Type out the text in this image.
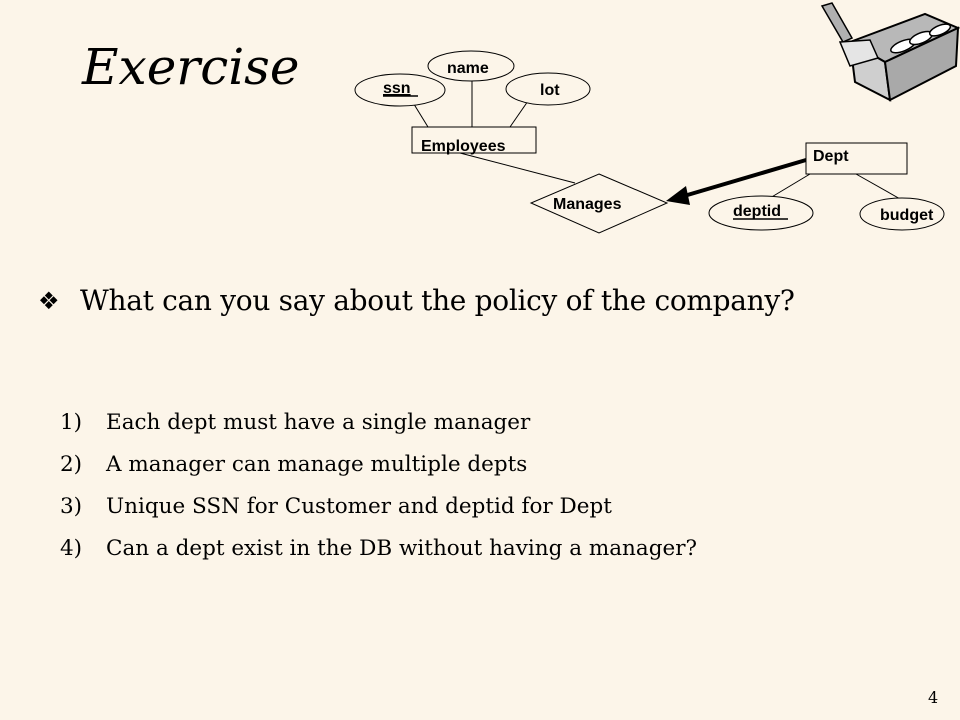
Exercise	ssn
name
lot
deptid	budget
Employees
Dept
Manages
❖ What can you say about the policy of the company?
1)	Each dept must have a single manager
2)	A manager can manage multiple depts
3)	Unique SSN for Customer and deptid for Dept
4)	Can a dept exist in the DB without having a manager?
4
